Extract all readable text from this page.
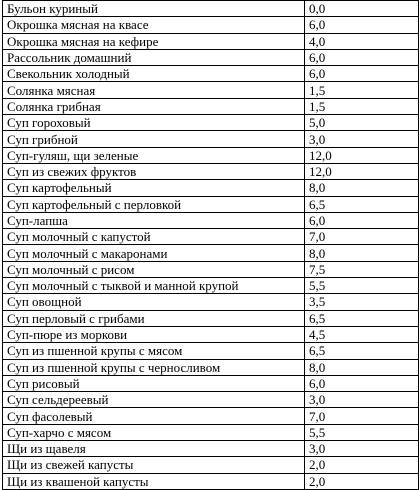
Бульон куриный	0,0
Окрошка мясная на квасе	6,0
Окрошка мясная на кефире	4,0
Рассольник домашний	6,0
Свекольник холодный	6,0
Солянка мясная	1,5
Солянка грибная	1,5
Суп гороховый	5,0
Суп грибной	3,0
Суп-гуляш, щи зеленые	12,0
Суп из свежих фруктов	12,0
Суп картофельный	8,0
Суп картофельный с перловкой	6,5
Суп-лапша	6,0
Суп молочный с капустой	7,0
Суп молочный с макаронами	8,0
Суп молочный с рисом	7,5
Суп молочный с тыквой и манной крупой	5,5
Суп овощной	3,5
Суп перловый с грибами	6,5
Суп-пюре из моркови	4,5
Суп из пшенной крупы с мясом	6,5
Суп из пшенной крупы с черносливом	8,0
Суп рисовый	6,0
Суп сельдереевый	3,0
Суп фасолевый	7,0
Суп-харчо с мясом	5,5
Щи из щавеля	3,0
Щи из свежей капусты	2,0
Щи из квашеной капусты	2,0
